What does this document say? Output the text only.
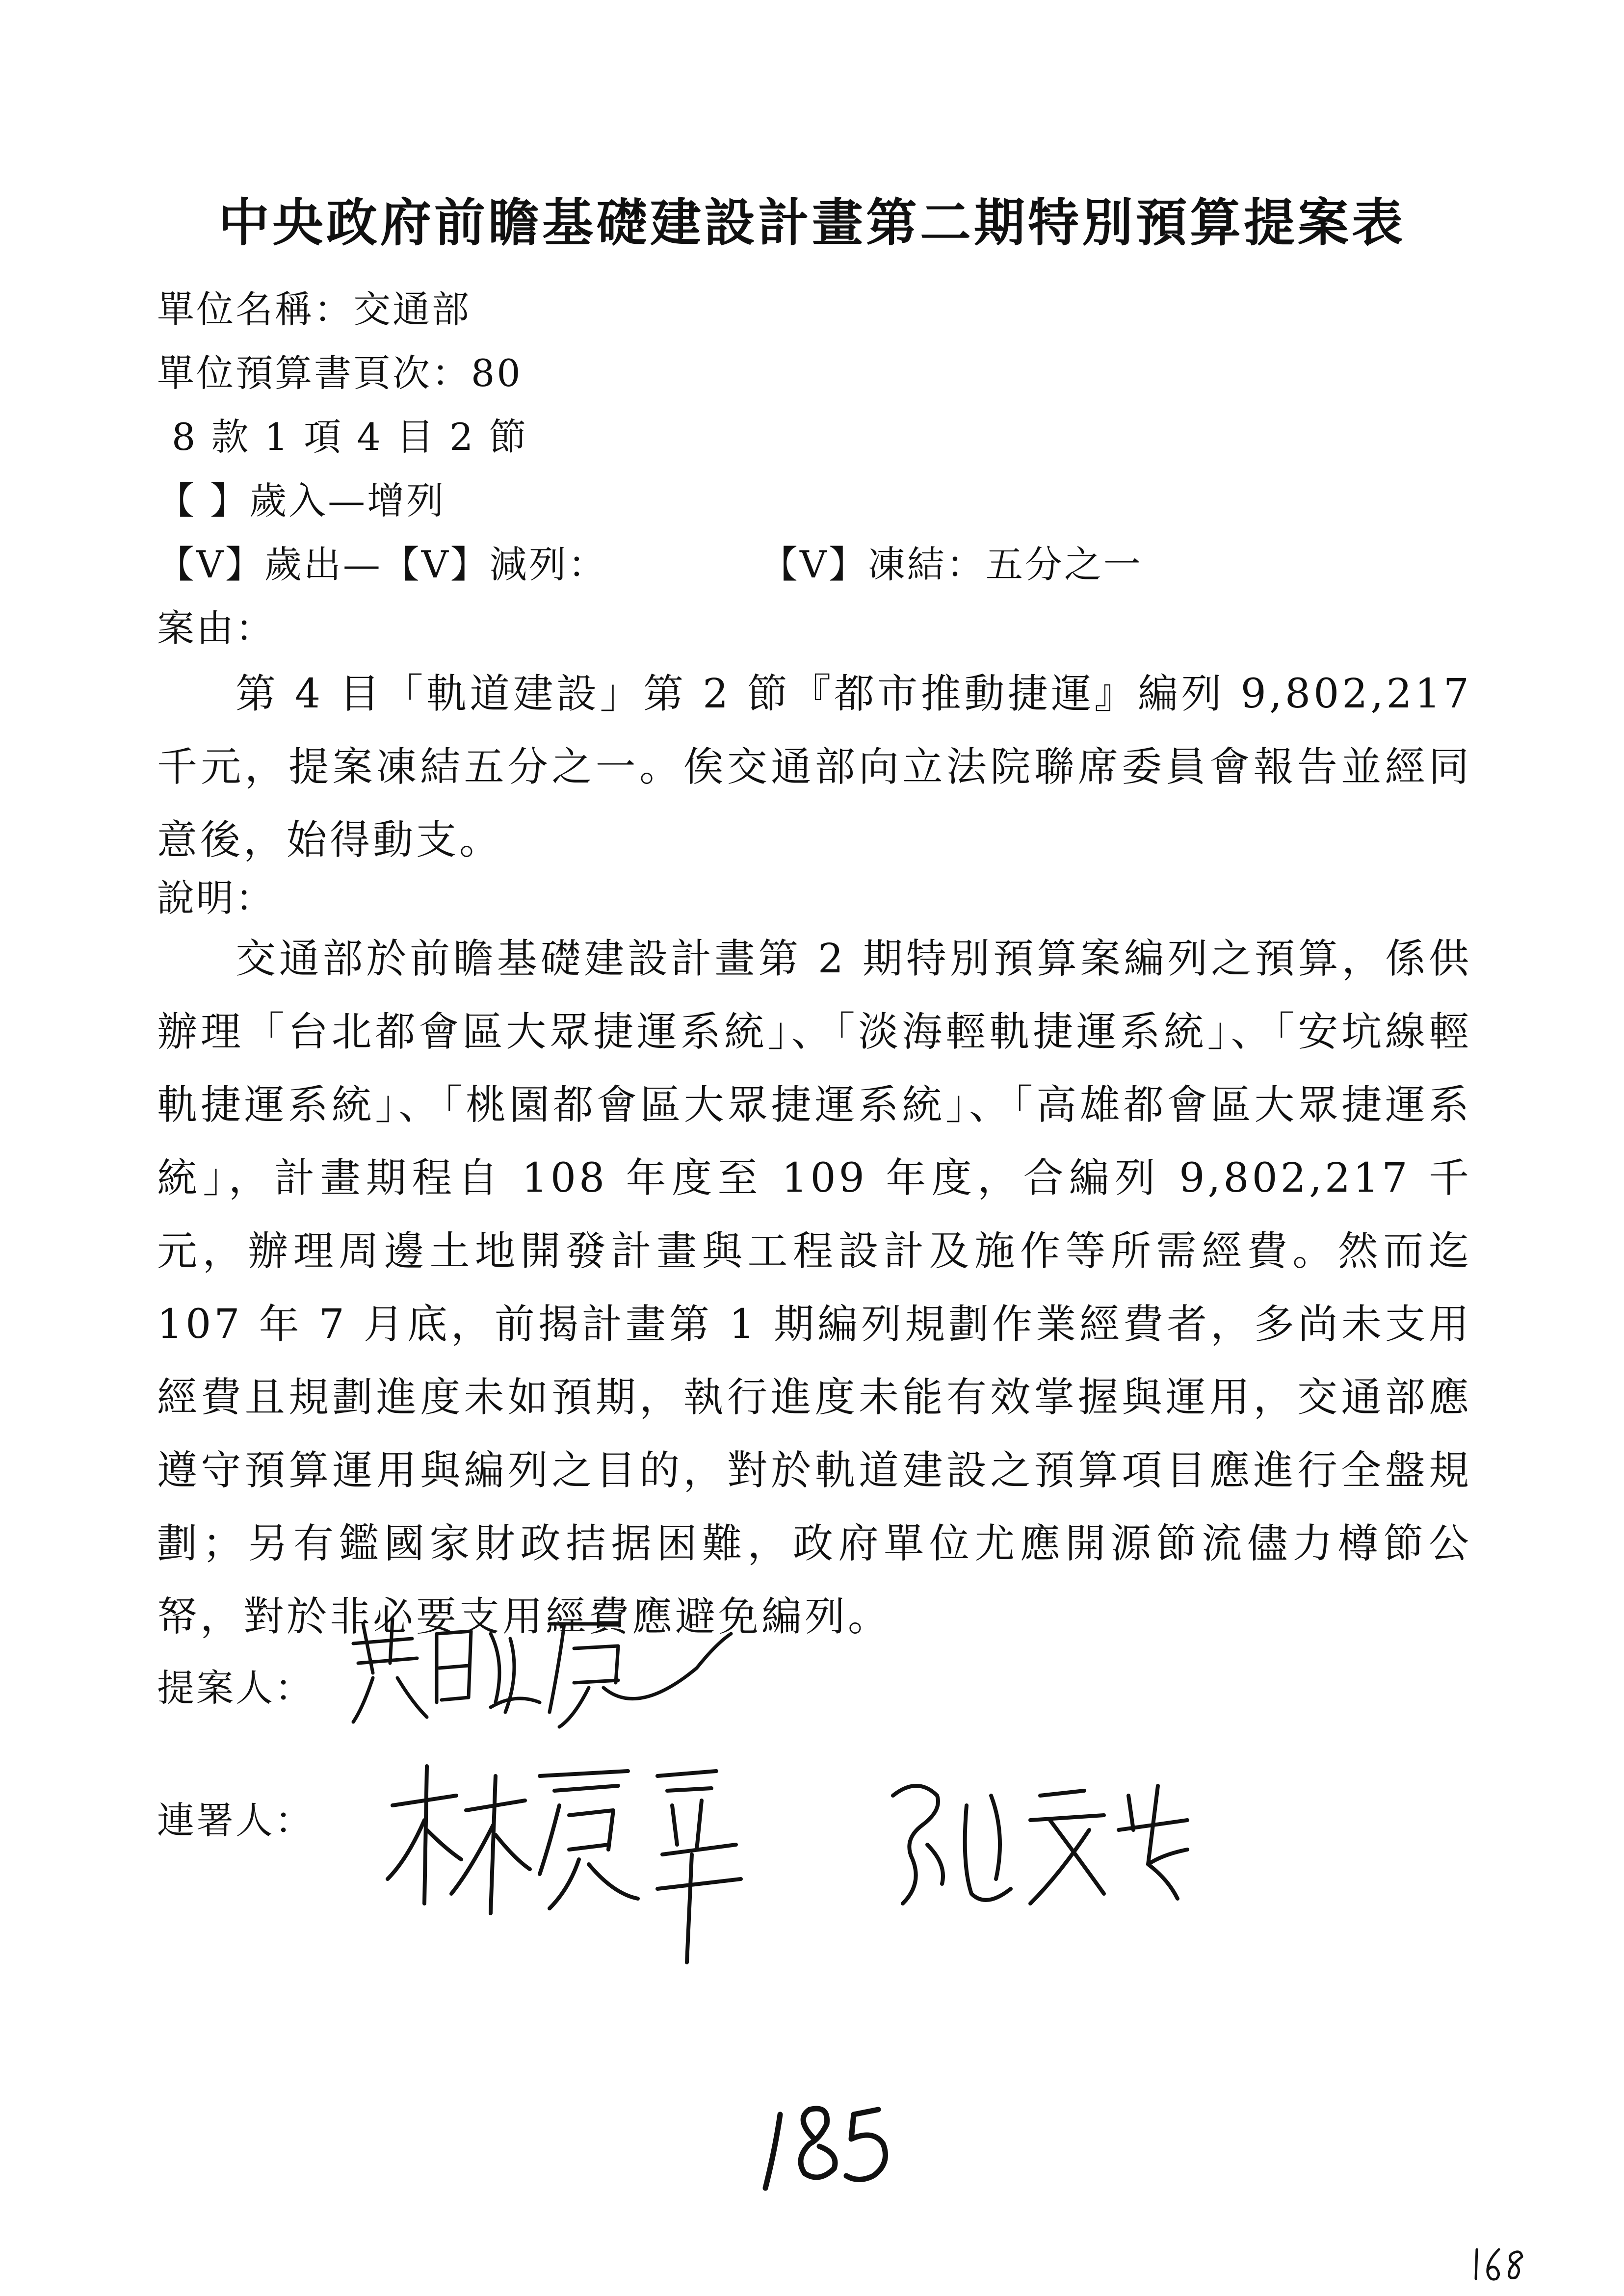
中央政府前瞻基礎建設計畫第二期特別預算提案表
單位名稱：交通部
單位預算書頁次：80
8 款 1 項 4 目 2 節
【 】歲入—增列
【V】歲出—【V】減列：	【V】凍結：五分之一
案由：
第 4 目「軌道建設」第 2 節『都市推動捷運』編列 9,802,217 千元，提案凍結五分之一。俟交通部向立法院聯席委員會報告並經同意後，始得動支。
說明：
交通部於前瞻基礎建設計畫第 2 期特別預算案編列之預算，係供辦理「台北都會區大眾捷運系統」、「淡海輕軌捷運系統」、「安坑線輕軌捷運系統」、「桃園都會區大眾捷運系統」、「高雄都會區大眾捷運系統」，計畫期程自 108 年度至 109 年度，合編列 9,802,217 千元，辦理周邊土地開發計畫與工程設計及施作等所需經費。然而迄 107 年 7 月底，前揭計畫第 1 期編列規劃作業經費者，多尚未支用經費且規劃進度未如預期，執行進度未能有效掌握與運用，交通部應遵守預算運用與編列之目的，對於軌道建設之預算項目應進行全盤規劃；另有鑑國家財政拮据困難，政府單位尤應開源節流儘力樽節公帑，對於非必要支用經費應避免編列。
提案人：
連署人：
